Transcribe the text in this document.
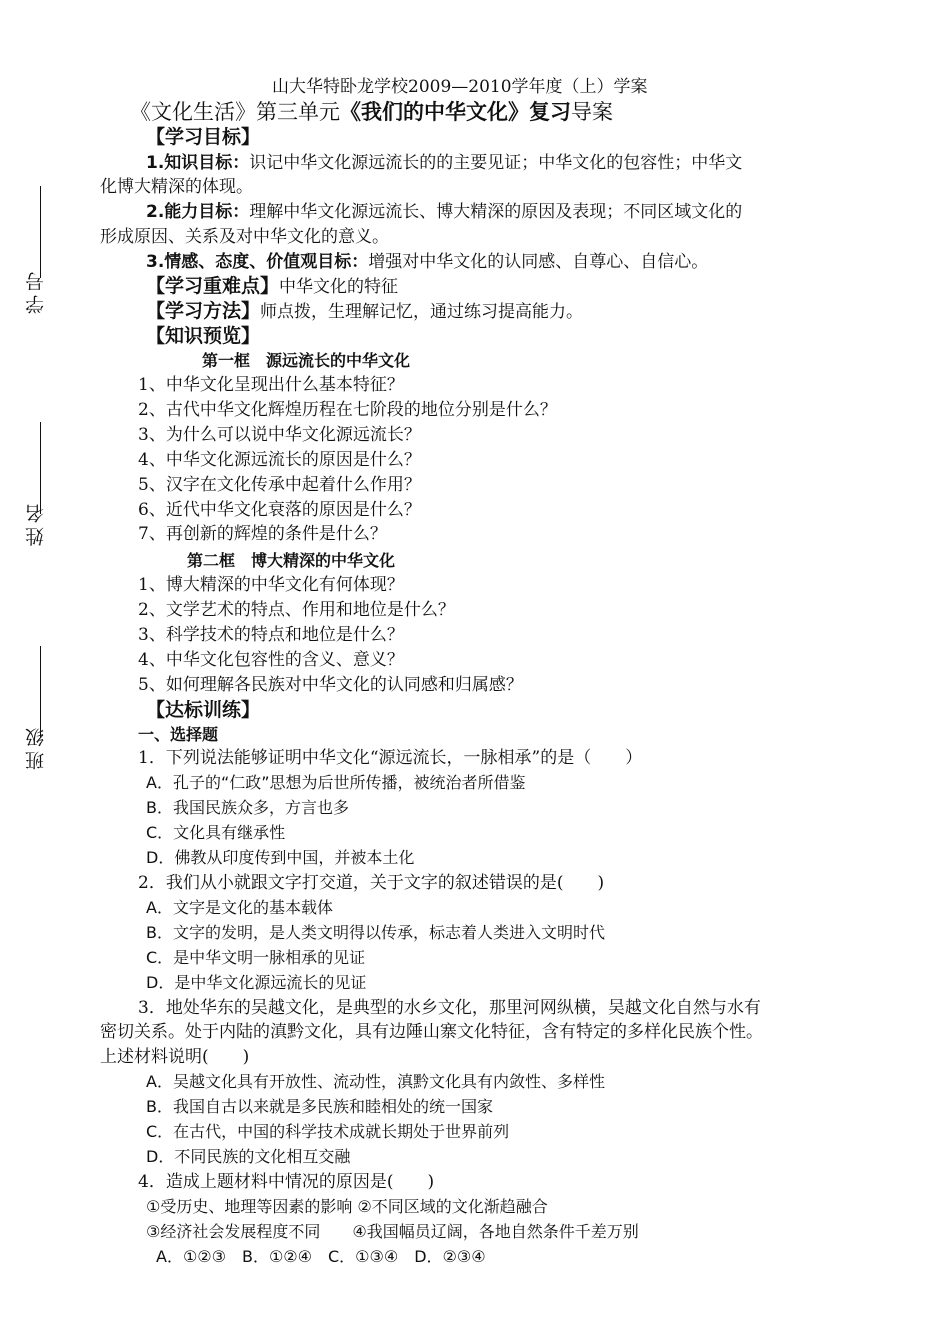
学号
姓名
班级
山大华特卧龙学校2009—2010学年度（上）学案
《文化生活》第三单元《我们的中华文化》复习导案
【学习目标】
1.知识目标：识记中华文化源远流长的的主要见证；中华文化的包容性；中华文
化博大精深的体现。
2.能力目标：理解中华文化源远流长、博大精深的原因及表现；不同区域文化的
形成原因、关系及对中华文化的意义。
3.情感、态度、价值观目标：增强对中华文化的认同感、自尊心、自信心。
【学习重难点】中华文化的特征
【学习方法】师点拨，生理解记忆，通过练习提高能力。
【知识预览】
第一框　源远流长的中华文化
1、中华文化呈现出什么基本特征？
2、古代中华文化辉煌历程在七阶段的地位分别是什么？
3、为什么可以说中华文化源远流长？
4、中华文化源远流长的原因是什么？
5、汉字在文化传承中起着什么作用？
6、近代中华文化衰落的原因是什么？
7、再创新的辉煌的条件是什么？
第二框　博大精深的中华文化
1、博大精深的中华文化有何体现？
2、文学艺术的特点、作用和地位是什么？
3、科学技术的特点和地位是什么？
4、中华文化包容性的含义、意义？
5、如何理解各民族对中华文化的认同感和归属感？
【达标训练】
一、选择题
1．下列说法能够证明中华文化“源远流长，一脉相承”的是（　　）
A．孔子的“仁政”思想为后世所传播，被统治者所借鉴
B．我国民族众多，方言也多
C．文化具有继承性
D．佛教从印度传到中国，并被本土化
2．我们从小就跟文字打交道，关于文字的叙述错误的是(　　)
A．文字是文化的基本载体
B．文字的发明，是人类文明得以传承，标志着人类进入文明时代
C．是中华文明一脉相承的见证
D．是中华文化源远流长的见证
3．地处华东的吴越文化，是典型的水乡文化，那里河网纵横，吴越文化自然与水有
密切关系。处于内陆的滇黔文化，具有边陲山寨文化特征，含有特定的多样化民族个性。
上述材料说明(　　)
A．吴越文化具有开放性、流动性，滇黔文化具有内敛性、多样性
B．我国自古以来就是多民族和睦相处的统一国家
C．在古代，中国的科学技术成就长期处于世界前列
D．不同民族的文化相互交融
4．造成上题材料中情况的原因是(　　)
①受历史、地理等因素的影响 ②不同区域的文化渐趋融合
③经济社会发展程度不同　　④我国幅员辽阔，各地自然条件千差万别
A．①②③　B．①②④　C．①③④　D．②③④
